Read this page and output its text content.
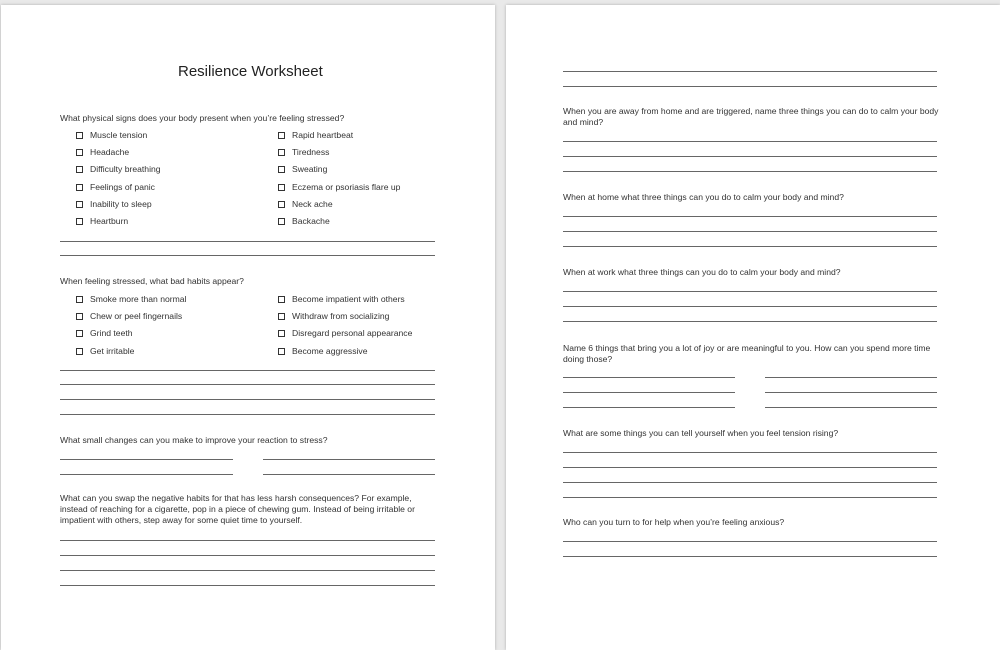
Resilience Worksheet
What physical signs does your body present when you’re feeling stressed?
Muscle tension
Headache
Difficulty breathing
Feelings of panic
Inability to sleep
Heartburn
Rapid heartbeat
Tiredness
Sweating
Eczema or psoriasis flare up
Neck ache
Backache
When feeling stressed, what bad habits appear?
Smoke more than normal
Chew or peel fingernails
Grind teeth
Get irritable
Become impatient with others
Withdraw from socializing
Disregard personal appearance
Become aggressive
What small changes can you make to improve your reaction to stress?
What can you swap the negative habits for that has less harsh consequences? For example, instead of reaching for a cigarette, pop in a piece of chewing gum. Instead of being irritable or impatient with others, step away for some quiet time to yourself.
When you are away from home and are triggered, name three things you can do to calm your body and mind?
When at home what three things can you do to calm your body and mind?
When at work what three things can you do to calm your body and mind?
Name 6 things that bring you a lot of joy or are meaningful to you. How can you spend more time doing those?
What are some things you can tell yourself when you feel tension rising?
Who can you turn to for help when you’re feeling anxious?
